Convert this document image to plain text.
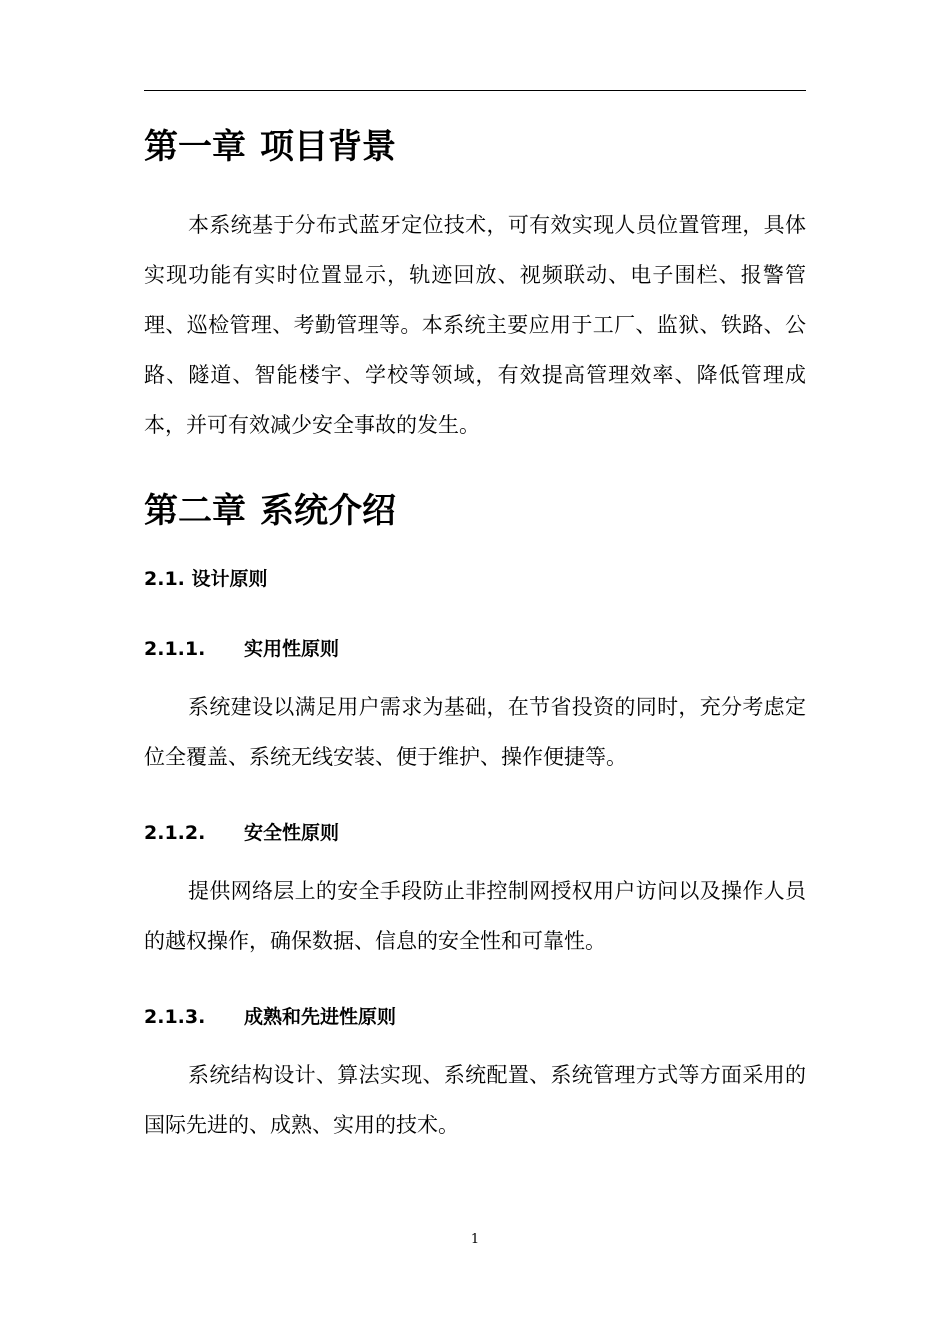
第一章 项目背景

本系统基于分布式蓝牙定位技术，可有效实现人员位置管理，具体实现功能有实时位置显示，轨迹回放、视频联动、电子围栏、报警管理、巡检管理、考勤管理等。本系统主要应用于工厂、监狱、铁路、公路、隧道、智能楼宇、学校等领域，有效提高管理效率、降低管理成本，并可有效减少安全事故的发生。

第二章 系统介绍
2.1. 设计原则
2.1.1. 实用性原则

系统建设以满足用户需求为基础，在节省投资的同时，充分考虑定位全覆盖、系统无线安装、便于维护、操作便捷等。

2.1.2. 安全性原则

提供网络层上的安全手段防止非控制网授权用户访问以及操作人员的越权操作，确保数据、信息的安全性和可靠性。

2.1.3. 成熟和先进性原则

系统结构设计、算法实现、系统配置、系统管理方式等方面采用的国际先进的、成熟、实用的技术。

1
